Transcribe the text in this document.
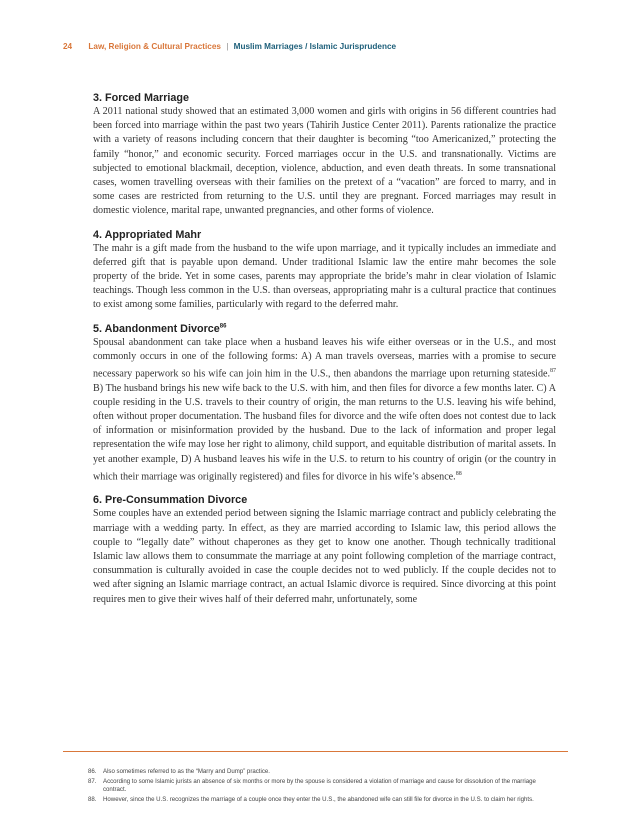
24 Law, Religion & Cultural Practices | Muslim Marriages / Islamic Jurisprudence
3. Forced Marriage

A 2011 national study showed that an estimated 3,000 women and girls with origins in 56 different countries had been forced into marriage within the past two years (Tahirih Justice Center 2011). Parents rationalize the practice with a variety of reasons including concern that their daughter is becoming “too Americanized,” protecting the family “honor,” and economic security. Forced marriages occur in the U.S. and transnationally. Victims are subjected to emotional blackmail, deception, violence, abduction, and even death threats. In some transnational cases, women travelling overseas with their families on the pretext of a “vacation” are forced to marry, and in some cases are restricted from returning to the U.S. until they are pregnant. Forced marriages may result in domestic violence, marital rape, unwanted pregnancies, and other forms of violence.

4. Appropriated Mahr

The mahr is a gift made from the husband to the wife upon marriage, and it typically includes an immediate and deferred gift that is payable upon demand. Under traditional Islamic law the entire mahr becomes the sole property of the bride. Yet in some cases, parents may appropriate the bride’s mahr in clear violation of Islamic teachings. Though less common in the U.S. than overseas, appropriating mahr is a cultural practice that continues to exist among some families, particularly with regard to the deferred mahr.

5. Abandonment Divorce$^{86}$

Spousal abandonment can take place when a husband leaves his wife either overseas or in the U.S., and most commonly occurs in one of the following forms: A) A man travels overseas, marries with a promise to secure necessary paperwork so his wife can join him in the U.S., then abandons the marriage upon returning stateside.$^{87}$ B) The husband brings his new wife back to the U.S. with him, and then files for divorce a few months later. C) A couple residing in the U.S. travels to their country of origin, the man returns to the U.S. leaving his wife behind, often without proper documentation. The husband files for divorce and the wife often does not contest due to lack of information or misinformation provided by the husband. Due to the lack of information and proper legal representation the wife may lose her right to alimony, child support, and equitable distribution of marital assets. In yet another example, D) A husband leaves his wife in the U.S. to return to his country of origin (or the country in which their marriage was originally registered) and files for divorce in his wife’s absence.$^{88}$

6. Pre-Consummation Divorce

Some couples have an extended period between signing the Islamic marriage contract and publicly celebrating the marriage with a wedding party. In effect, as they are married according to Islamic law, this period allows the couple to “legally date” without chaperones as they get to know one another. Though technically traditional Islamic law allows them to consummate the marriage at any point following completion of the marriage contract, consummation is culturally avoided in case the couple decides not to wed publicly. If the couple decides not to wed after signing an Islamic marriage contract, an actual Islamic divorce is required. Since divorcing at this point requires men to give their wives half of their deferred mahr, unfortunately, some

86.	Also sometimes referred to as the “Marry and Dump” practice.
87.	According to some Islamic jurists an absence of six months or more by the spouse is considered a violation of marriage and cause for dissolution of the marriage contract.
88.	However, since the U.S. recognizes the marriage of a couple once they enter the U.S., the abandoned wife can still file for divorce in the U.S. to claim her rights.
